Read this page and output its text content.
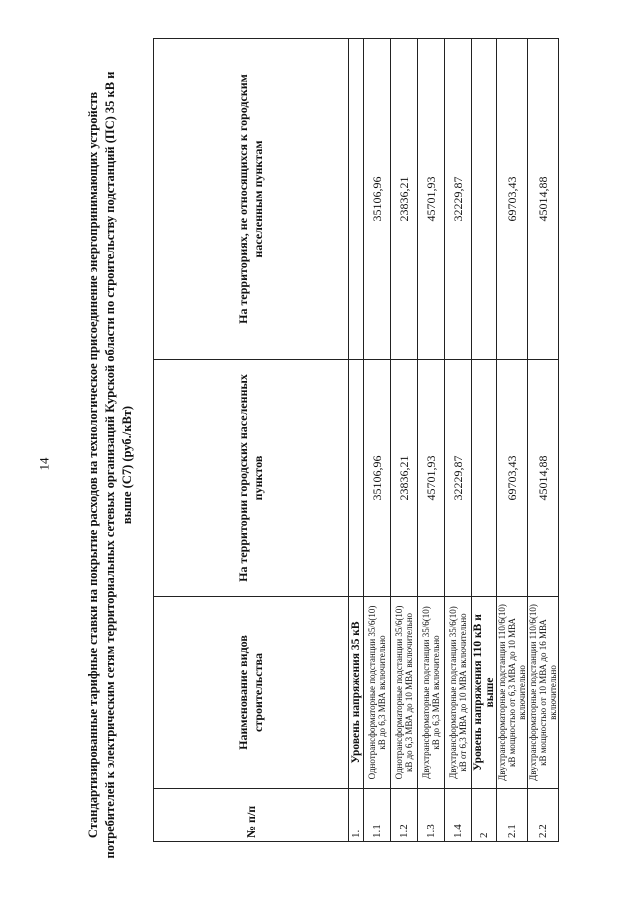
14	Стандартизированные тарифные ставки на покрытие расходов на технологическое присоединение энергопринимающих устройств потребителей к электрическим сетям территориальных сетевых организаций Курской области по строительству подстанций (ПС) 35 кВ и выше (С7) (руб./кВт)
№ п/п	Наименование видов строительства	На территории городских населенных пунктов	На территориях, не относящихся к городским населенным пунктам
1.	Уровень напряжения 35 кВ		
1.1	Однотрансформаторные подстанции 35/6(10) кВ до 6,3 МВА включительно	35106,96	35106,96
1.2	Однотрансформаторные подстанции 35/6(10) кВ до 6,3 МВА до 10 МВА включительно	23836,21	23836,21
1.3	Двухтрансформаторные подстанции 35/6(10) кВ до 6,3 МВА включительно	45701,93	45701,93
1.4	Двухтрансформаторные подстанции 35/6(10) кВ от 6,3 МВА до 10 МВА включительно	32229,87	32229,87
2	Уровень напряжения 110 кВ и выше		
2.1	Двухтрансформаторные подстанции 110/6(10) кВ мощностью от 6,3 МВА до 10 МВА включительно	69703,43	69703,43
2.2	Двухтрансформаторные подстанции 110/6(10) кВ мощностью от 10 МВА до 16 МВА включительно	45014,88	45014,88
